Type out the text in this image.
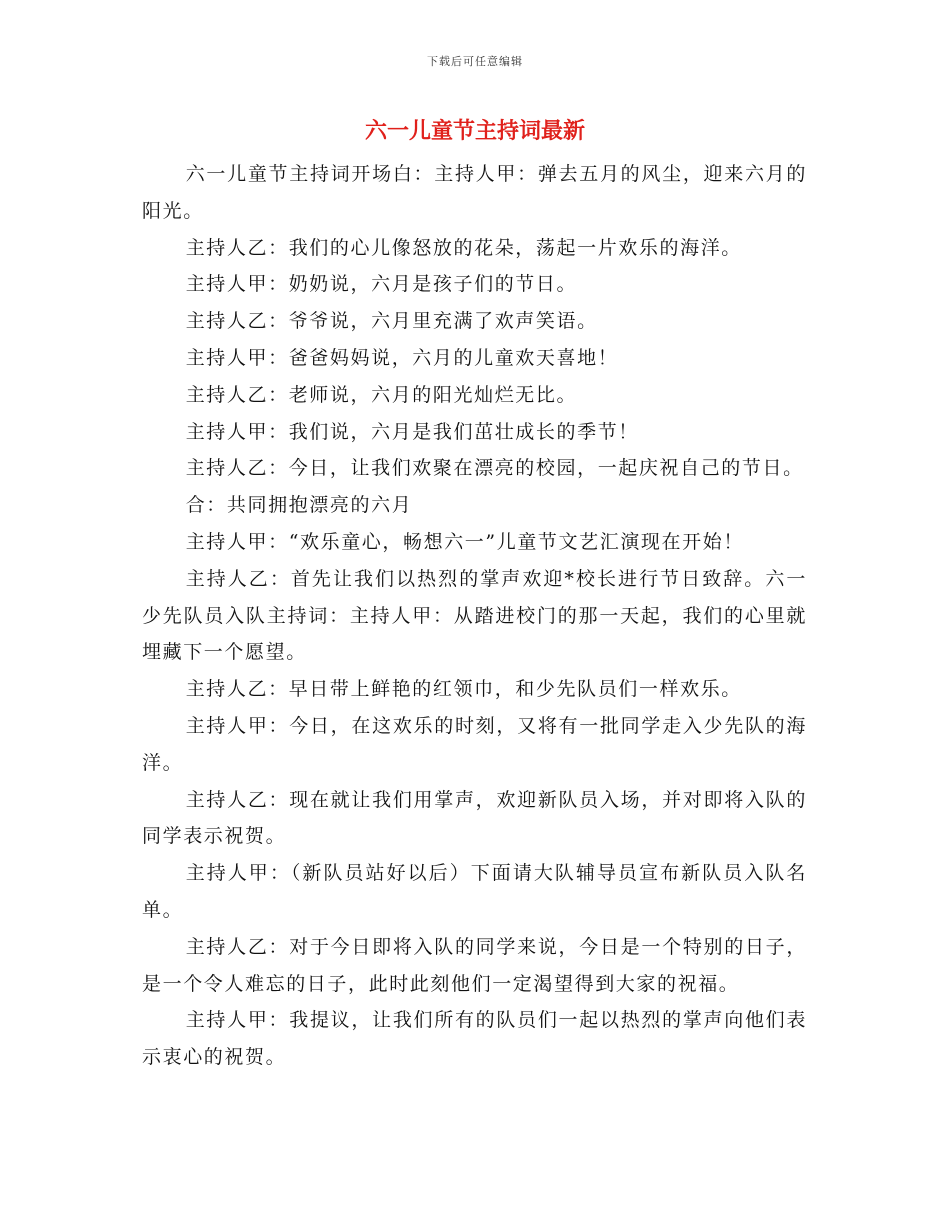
下载后可任意编辑
六一儿童节主持词最新

六一儿童节主持词开场白：主持人甲：弹去五月的风尘，迎来六月的阳光。

主持人乙：我们的心儿像怒放的花朵，荡起一片欢乐的海洋。

主持人甲：奶奶说，六月是孩子们的节日。

主持人乙：爷爷说，六月里充满了欢声笑语。

主持人甲：爸爸妈妈说，六月的儿童欢天喜地！

主持人乙：老师说，六月的阳光灿烂无比。

主持人甲：我们说，六月是我们茁壮成长的季节！

主持人乙：今日，让我们欢聚在漂亮的校园，一起庆祝自己的节日。

合：共同拥抱漂亮的六月

主持人甲：“欢乐童心，畅想六一”儿童节文艺汇演现在开始！

主持人乙：首先让我们以热烈的掌声欢迎*校长进行节日致辞。六一少先队员入队主持词：主持人甲：从踏进校门的那一天起，我们的心里就埋藏下一个愿望。

主持人乙：早日带上鲜艳的红领巾，和少先队员们一样欢乐。

主持人甲：今日，在这欢乐的时刻，又将有一批同学走入少先队的海洋。

主持人乙：现在就让我们用掌声，欢迎新队员入场，并对即将入队的同学表示祝贺。

主持人甲：（新队员站好以后）下面请大队辅导员宣布新队员入队名单。

主持人乙：对于今日即将入队的同学来说，今日是一个特别的日子，是一个令人难忘的日子，此时此刻他们一定渴望得到大家的祝福。

主持人甲：我提议，让我们所有的队员们一起以热烈的掌声向他们表示衷心的祝贺。
